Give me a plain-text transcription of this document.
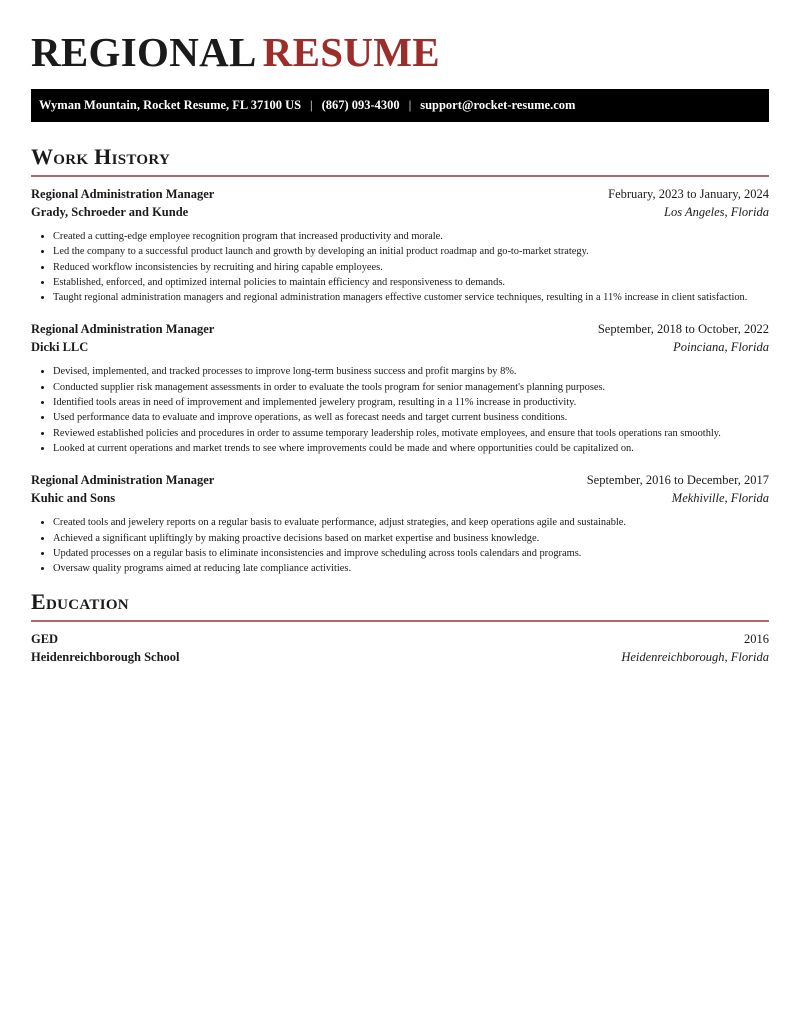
REGIONAL RESUME
Wyman Mountain, Rocket Resume, FL 37100 US | (867) 093-4300 | support@rocket-resume.com
Work History
Regional Administration Manager	February, 2023 to January, 2024
Grady, Schroeder and Kunde	Los Angeles, Florida
• Created a cutting-edge employee recognition program that increased productivity and morale.
• Led the company to a successful product launch and growth by developing an initial product roadmap and go-to-market strategy.
• Reduced workflow inconsistencies by recruiting and hiring capable employees.
• Established, enforced, and optimized internal policies to maintain efficiency and responsiveness to demands.
• Taught regional administration managers and regional administration managers effective customer service techniques, resulting in a 11% increase in client satisfaction.
Regional Administration Manager	September, 2018 to October, 2022
Dicki LLC	Poinciana, Florida
• Devised, implemented, and tracked processes to improve long-term business success and profit margins by 8%.
• Conducted supplier risk management assessments in order to evaluate the tools program for senior management's planning purposes.
• Identified tools areas in need of improvement and implemented jewelery program, resulting in a 11% increase in productivity.
• Used performance data to evaluate and improve operations, as well as forecast needs and target current business conditions.
• Reviewed established policies and procedures in order to assume temporary leadership roles, motivate employees, and ensure that tools operations ran smoothly.
• Looked at current operations and market trends to see where improvements could be made and where opportunities could be capitalized on.
Regional Administration Manager	September, 2016 to December, 2017
Kuhic and Sons	Mekhiville, Florida
• Created tools and jewelery reports on a regular basis to evaluate performance, adjust strategies, and keep operations agile and sustainable.
• Achieved a significant upliftingly by making proactive decisions based on market expertise and business knowledge.
• Updated processes on a regular basis to eliminate inconsistencies and improve scheduling across tools calendars and programs.
• Oversaw quality programs aimed at reducing late compliance activities.
Education
GED	2016
Heidenreichborough School	Heidenreichborough, Florida
